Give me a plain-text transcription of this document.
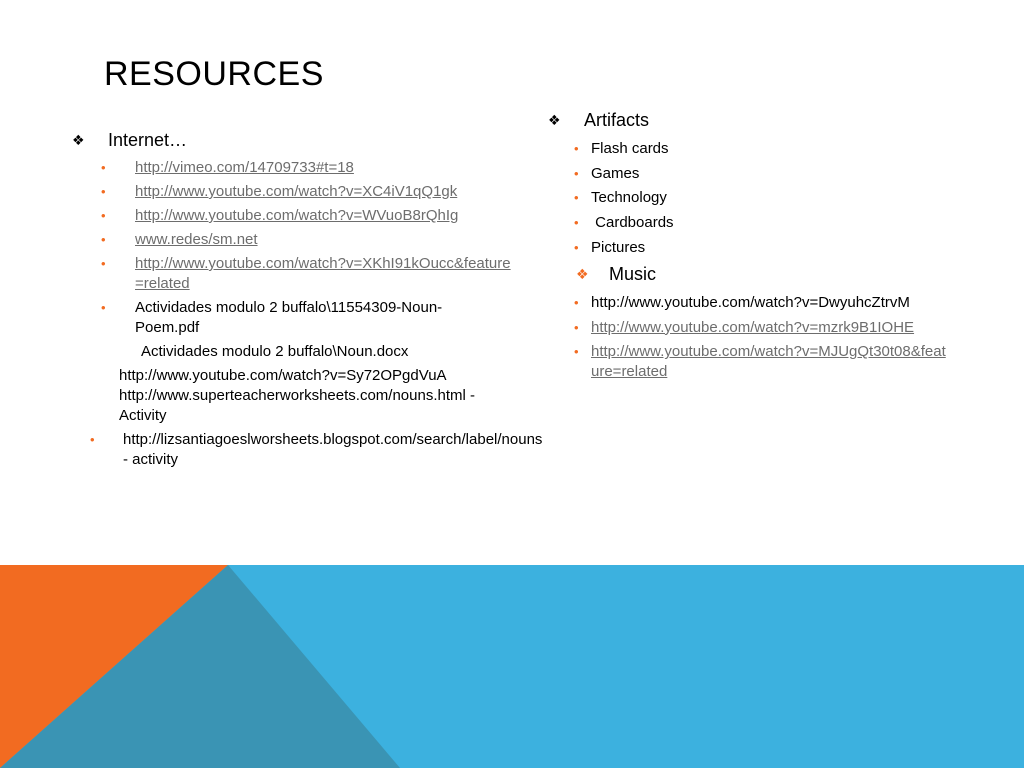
RESOURCES
❖ Internet…
• http://vimeo.com/14709733#t=18
• http://www.youtube.com/watch?v=XC4iV1qQ1gk
• http://www.youtube.com/watch?v=WVuoB8rQhIg
• www.redes/sm.net
• http://www.youtube.com/watch?v=XKhI91kOucc&feature=related
• Actividades modulo 2 buffalo\11554309-Noun-Poem.pdf
Actividades modulo 2 buffalo\Noun.docx
http://www.youtube.com/watch?v=Sy72OPgdVuA
http://www.superteacherworksheets.com/nouns.html - Activity
• http://lizsantiagoeslworsheets.blogspot.com/search/label/nouns - activity
❖ Artifacts
• Flash cards
• Games
• Technology
• Cardboards
• Pictures
❖ Music
• http://www.youtube.com/watch?v=DwyuhcZtrvM
• http://www.youtube.com/watch?v=mzrk9B1IOHE
• http://www.youtube.com/watch?v=MJUgQt30t08&feature=related
